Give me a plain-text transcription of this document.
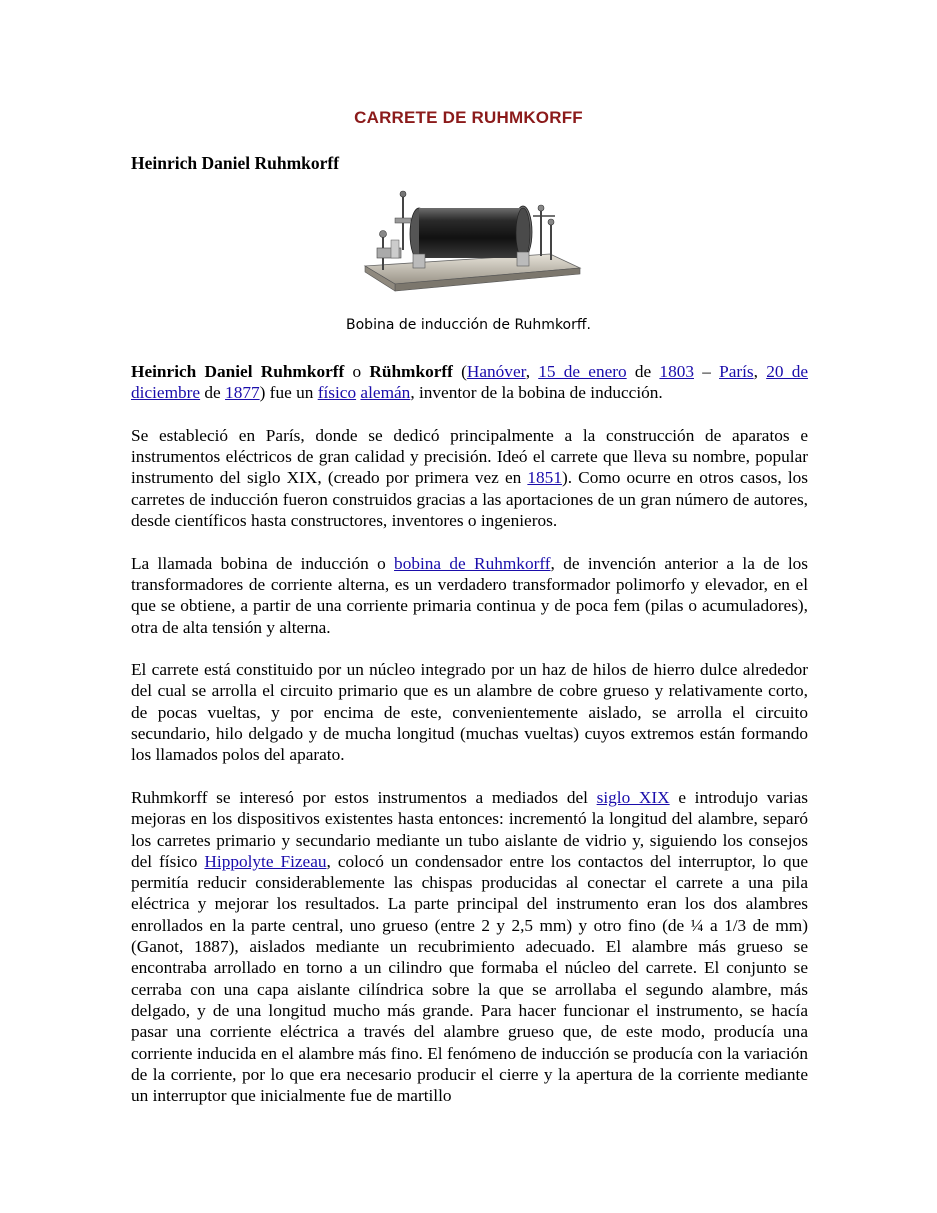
CARRETE DE RUHMKORFF
Heinrich Daniel Ruhmkorff
Bobina de inducción de Ruhmkorff.

Heinrich Daniel Ruhmkorff o Rühmkorff (Hanóver, 15 de enero de 1803 – París, 20 de diciembre de 1877) fue un físico alemán, inventor de la bobina de inducción.

Se estableció en París, donde se dedicó principalmente a la construcción de aparatos e instrumentos eléctricos de gran calidad y precisión. Ideó el carrete que lleva su nombre, popular instrumento del siglo XIX, (creado por primera vez en 1851). Como ocurre en otros casos, los carretes de inducción fueron construidos gracias a las aportaciones de un gran número de autores, desde científicos hasta constructores, inventores o ingenieros.

La llamada bobina de inducción o bobina de Ruhmkorff, de invención anterior a la de los transformadores de corriente alterna, es un verdadero transformador polimorfo y elevador, en el que se obtiene, a partir de una corriente primaria continua y de poca fem (pilas o acumuladores), otra de alta tensión y alterna.

El carrete está constituido por un núcleo integrado por un haz de hilos de hierro dulce alrededor del cual se arrolla el circuito primario que es un alambre de cobre grueso y relativamente corto, de pocas vueltas, y por encima de este, convenientemente aislado, se arrolla el circuito secundario, hilo delgado y de mucha longitud (muchas vueltas) cuyos extremos están formando los llamados polos del aparato.

Ruhmkorff se interesó por estos instrumentos a mediados del siglo XIX e introdujo varias mejoras en los dispositivos existentes hasta entonces: incrementó la longitud del alambre, separó los carretes primario y secundario mediante un tubo aislante de vidrio y, siguiendo los consejos del físico Hippolyte Fizeau, colocó un condensador entre los contactos del interruptor, lo que permitía reducir considerablemente las chispas producidas al conectar el carrete a una pila eléctrica y mejorar los resultados. La parte principal del instrumento eran los dos alambres enrollados en la parte central, uno grueso (entre 2 y 2,5 mm) y otro fino (de ¼ a 1/3 de mm) (Ganot, 1887), aislados mediante un recubrimiento adecuado. El alambre más grueso se encontraba arrollado en torno a un cilindro que formaba el núcleo del carrete. El conjunto se cerraba con una capa aislante cilíndrica sobre la que se arrollaba el segundo alambre, más delgado, y de una longitud mucho más grande. Para hacer funcionar el instrumento, se hacía pasar una corriente eléctrica a través del alambre grueso que, de este modo, producía una corriente inducida en el alambre más fino. El fenómeno de inducción se producía con la variación de la corriente, por lo que era necesario producir el cierre y la apertura de la corriente mediante un interruptor que inicialmente fue de martillo
